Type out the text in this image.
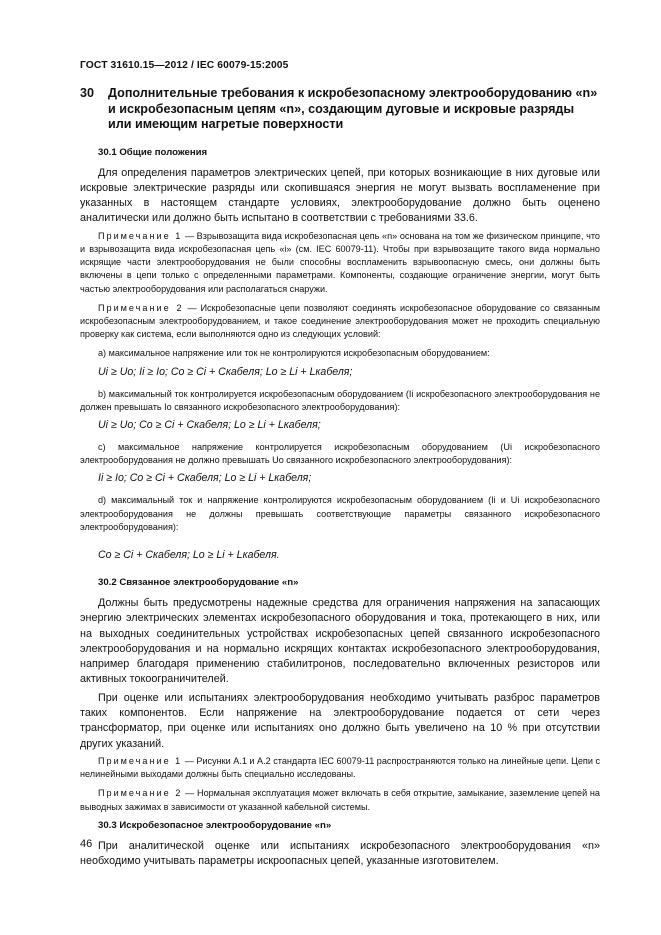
ГОСТ 31610.15—2012 / IEC 60079-15:2005
30 Дополнительные требования к искробезопасному электрооборудованию «n» и искробезопасным цепям «n», создающим дуговые и искровые разряды или имеющим нагретые поверхности
30.1 Общие положения

Для определения параметров электрических цепей, при которых возникающие в них дуговые или искровые электрические разряды или скопившаяся энергия не могут вызвать воспламенение при указанных в настоящем стандарте условиях, электрооборудование должно быть оценено аналитически или должно быть испытано в соответствии с требованиями 33.6.

Примечание 1 — Взрывозащита вида искробезопасная цепь «n» основана на том же физическом принципе, что и взрывозащита вида искробезопасная цепь «i» (см. IEC 60079-11). Чтобы при взрывозащите такого вида нормально искрящие части электрооборудования не были способны воспламенить взрывоопасную смесь, они должны быть включены в цепи только с определенными параметрами. Компоненты, создающие ограничение энергии, могут быть частью электрооборудования или располагаться снаружи.

Примечание 2 — Искробезопасные цепи позволяют соединять искробезопасное оборудование со связанным искробезопасным электрооборудованием, и такое соединение электрооборудования может не проходить специальную проверку как система, если выполняются одно из следующих условий:

a) максимальное напряжение или ток не контролируются искробезопасным оборудованием:

Ui ≥ Uo; Ii ≥ Io; Co ≥ Ci + Cкабеля; Lo ≥ Li + Lкабеля;

b) максимальный ток контролируется искробезопасным оборудованием (Ii искробезопасного электрооборудования не должен превышать Io связанного искробезопасного электрооборудования):

Ui ≥ Uo; Co ≥ Ci + Cкабеля; Lo ≥ Li + Lкабеля;

c) максимальное напряжение контролируется искробезопасным оборудованием (Ui искробезопасного электрооборудования не должно превышать Uo связанного искробезопасного электрооборудования):

Ii ≥ Io; Co ≥ Ci + Cкабеля; Lo ≥ Li + Lкабеля;

d) максимальный ток и напряжение контролируются искробезопасным оборудованием (Ii и Ui искробезопасного электрооборудования не должны превышать соответствующие параметры связанного искробезопасного электрооборудования):

Co ≥ Ci + Cкабеля; Lo ≥ Li + Lкабеля.

30.2 Связанное электрооборудование «n»

Должны быть предусмотрены надежные средства для ограничения напряжения на запасающих энергию электрических элементах искробезопасного оборудования и тока, протекающего в них, или на выходных соединительных устройствах искробезопасных цепей связанного искробезопасного электрооборудования и на нормально искрящих контактах искробезопасного электрооборудования, например благодаря применению стабилитронов, последовательно включенных резисторов или активных токоограничителей.

При оценке или испытаниях электрооборудования необходимо учитывать разброс параметров таких компонентов. Если напряжение на электрооборудование подается от сети через трансформатор, при оценке или испытаниях оно должно быть увеличено на 10 % при отсутствии других указаний.

Примечание 1 — Рисунки А.1 и А.2 стандарта IEC 60079-11 распространяются только на линейные цепи. Цепи с нелинейными выходами должны быть специально исследованы.

Примечание 2 — Нормальная эксплуатация может включать в себя открытие, замыкание, заземление цепей на выводных зажимах в зависимости от указанной кабельной системы.

30.3 Искробезопасное электрооборудование «n»

При аналитической оценке или испытаниях искробезопасного электрооборудования «n» необходимо учитывать параметры искроопасных цепей, указанные изготовителем.

46
